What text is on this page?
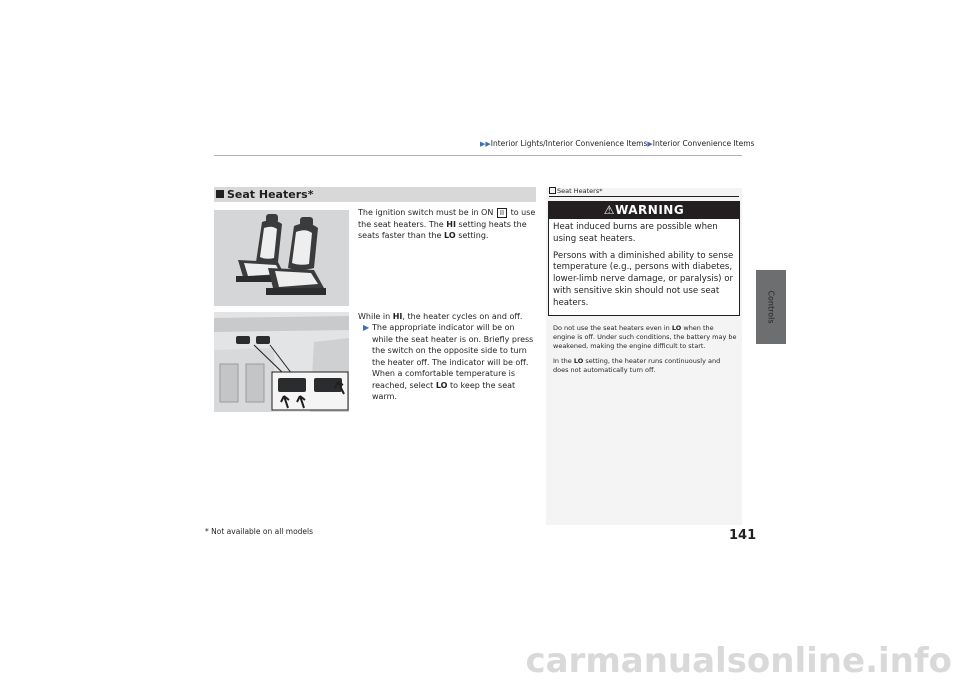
▶▶Interior Lights/Interior Convenience Items▶Interior Convenience Items
Controls
Seat Heaters*
The ignition switch must be in ON II to use the seat heaters. The HI setting heats the seats faster than the LO setting.
While in HI, the heater cycles on and off.
▶ The appropriate indicator will be on while the seat heater is on. Briefly press the switch on the opposite side to turn the heater off. The indicator will be off. When a comfortable temperature is reached, select LO to keep the seat warm.
Seat Heaters*
⚠WARNING

Heat induced burns are possible when using seat heaters.

Persons with a diminished ability to sense temperature (e.g., persons with diabetes, lower-limb nerve damage, or paralysis) or with sensitive skin should not use seat heaters.

Do not use the seat heaters even in LO when the engine is off. Under such conditions, the battery may be weakened, making the engine difficult to start.

In the LO setting, the heater runs continuously and does not automatically turn off.

* Not available on all models	141
carmanualsonline.info
